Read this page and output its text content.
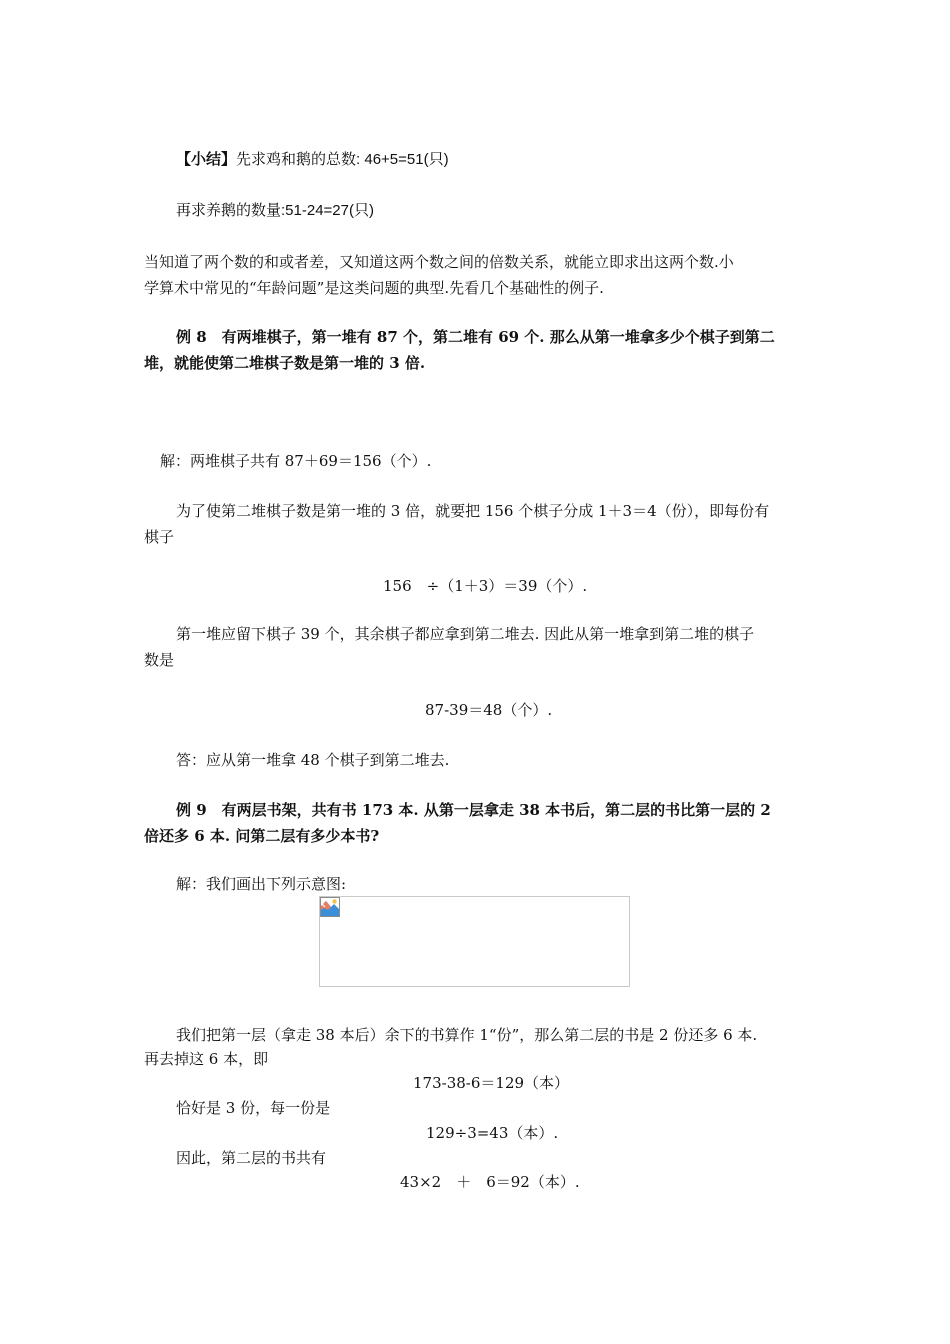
【小结】先求鸡和鹅的总数: 46+5=51(只)
再求养鹅的数量:51-24=27(只)
当知道了两个数的和或者差，又知道这两个数之间的倍数关系，就能立即求出这两个数.小
学算术中常见的“年龄问题”是这类问题的典型.先看几个基础性的例子.
例 8　有两堆棋子，第一堆有 87 个，第二堆有 69 个. 那么从第一堆拿多少个棋子到第二
堆，就能使第二堆棋子数是第一堆的 3 倍.
解：两堆棋子共有 87＋69＝156（个）.
为了使第二堆棋子数是第一堆的 3 倍，就要把 156 个棋子分成 1＋3＝4（份），即每份有
棋子
156　÷（1＋3）＝39（个）.
第一堆应留下棋子 39 个，其余棋子都应拿到第二堆去. 因此从第一堆拿到第二堆的棋子
数是
87-39＝48（个）.
答：应从第一堆拿 48 个棋子到第二堆去.
例 9　有两层书架，共有书 173 本. 从第一层拿走 38 本书后，第二层的书比第一层的 2
倍还多 6 本. 问第二层有多少本书?
解：我们画出下列示意图:
我们把第一层（拿走 38 本后）余下的书算作 1“份”，那么第二层的书是 2 份还多 6 本.
再去掉这 6 本，即
173-38-6＝129（本）
恰好是 3 份，每一份是
129÷3=43（本）.
因此，第二层的书共有
43×2　＋　6＝92（本）.
